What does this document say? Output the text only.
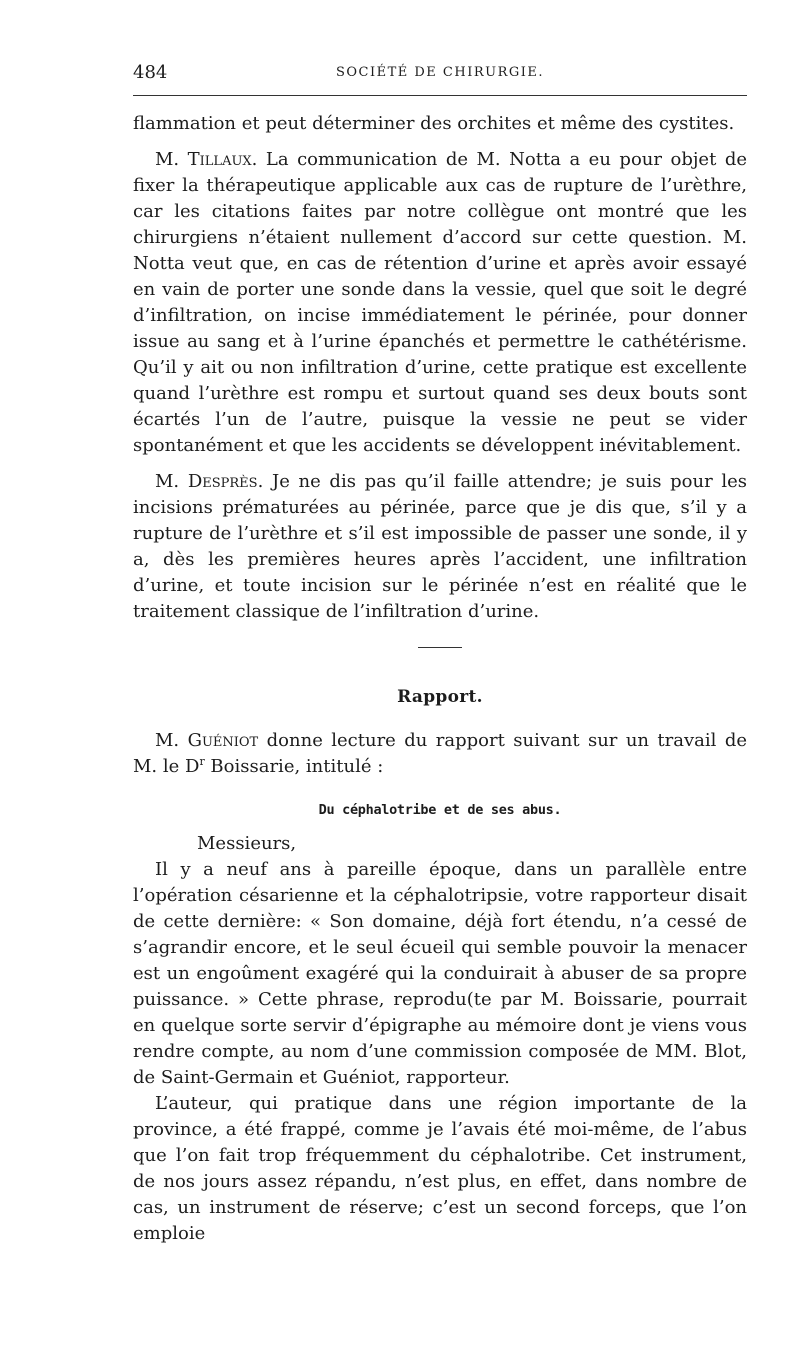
484	SOCIÉTÉ DE CHIRURGIE.

flammation et peut déterminer des orchites et même des cystites.

M. Tillaux. La communication de M. Notta a eu pour objet de fixer la thérapeutique applicable aux cas de rupture de l’urèthre, car les citations faites par notre collègue ont montré que les chirurgiens n’étaient nullement d’accord sur cette question. M. Notta veut que, en cas de rétention d’urine et après avoir essayé en vain de porter une sonde dans la vessie, quel que soit le degré d’infiltration, on incise immédiatement le périnée, pour donner issue au sang et à l’urine épanchés et permettre le cathétérisme. Qu’il y ait ou non infiltration d’urine, cette pratique est excellente quand l’urèthre est rompu et surtout quand ses deux bouts sont écartés l’un de l’autre, puisque la vessie ne peut se vider spontanément et que les accidents se développent inévitablement.

M. Desprès. Je ne dis pas qu’il faille attendre; je suis pour les incisions prématurées au périnée, parce que je dis que, s’il y a rupture de l’urèthre et s’il est impossible de passer une sonde, il y a, dès les premières heures après l’accident, une infiltration d’urine, et toute incision sur le périnée n’est en réalité que le traitement classique de l’infiltration d’urine.

Rapport.

M. Guéniot donne lecture du rapport suivant sur un travail de M. le $D^r$ Boissarie, intitulé :

Du céphalotribe et de ses abus.

Messieurs,

Il y a neuf ans à pareille époque, dans un parallèle entre l’opération césarienne et la céphalotripsie, votre rapporteur disait de cette dernière: « Son domaine, déjà fort étendu, n’a cessé de s’agrandir encore, et le seul écueil qui semble pouvoir la menacer est un engoûment exagéré qui la conduirait à abuser de sa propre puissance. » Cette phrase, reprodu(te par M. Boissarie, pourrait en quelque sorte servir d’épigraphe au mémoire dont je viens vous rendre compte, au nom d’une commission composée de MM. Blot, de Saint-Germain et Guéniot, rapporteur.

L’auteur, qui pratique dans une région importante de la province, a été frappé, comme je l’avais été moi-même, de l’abus que l’on fait trop fréquemment du céphalotribe. Cet instrument, de nos jours assez répandu, n’est plus, en effet, dans nombre de cas, un instrument de réserve; c’est un second forceps, que l’on emploie
